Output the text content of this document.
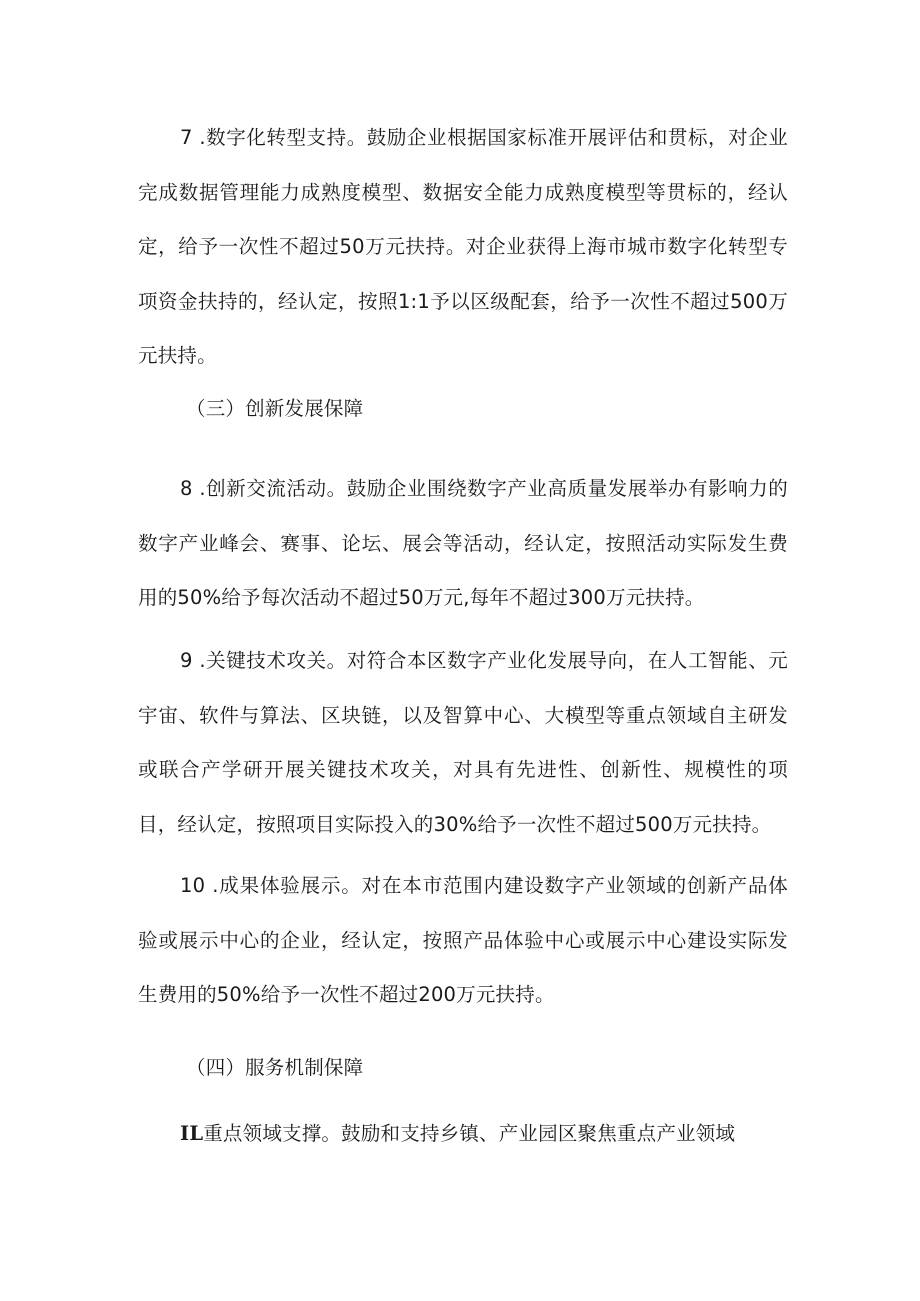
7 .数字化转型支持。鼓励企业根据国家标准开展评估和贯标，对企业完成数据管理能力成熟度模型、数据安全能力成熟度模型等贯标的，经认定，给予一次性不超过50万元扶持。对企业获得上海市城市数字化转型专项资金扶持的，经认定，按照1:1予以区级配套，给予一次性不超过500万元扶持。

（三）创新发展保障

8 .创新交流活动。鼓励企业围绕数字产业高质量发展举办有影响力的数字产业峰会、赛事、论坛、展会等活动，经认定，按照活动实际发生费用的50%给予每次活动不超过50万元,每年不超过300万元扶持。

9 .关键技术攻关。对符合本区数字产业化发展导向，在人工智能、元宇宙、软件与算法、区块链，以及智算中心、大模型等重点领域自主研发或联合产学研开展关键技术攻关，对具有先进性、创新性、规模性的项目，经认定，按照项目实际投入的30%给予一次性不超过500万元扶持。

10 .成果体验展示。对在本市范围内建设数字产业领域的创新产品体验或展示中心的企业，经认定，按照产品体验中心或展示中心建设实际发生费用的50%给予一次性不超过200万元扶持。

（四）服务机制保障

IL重点领域支撑。鼓励和支持乡镇、产业园区聚焦重点产业领域
